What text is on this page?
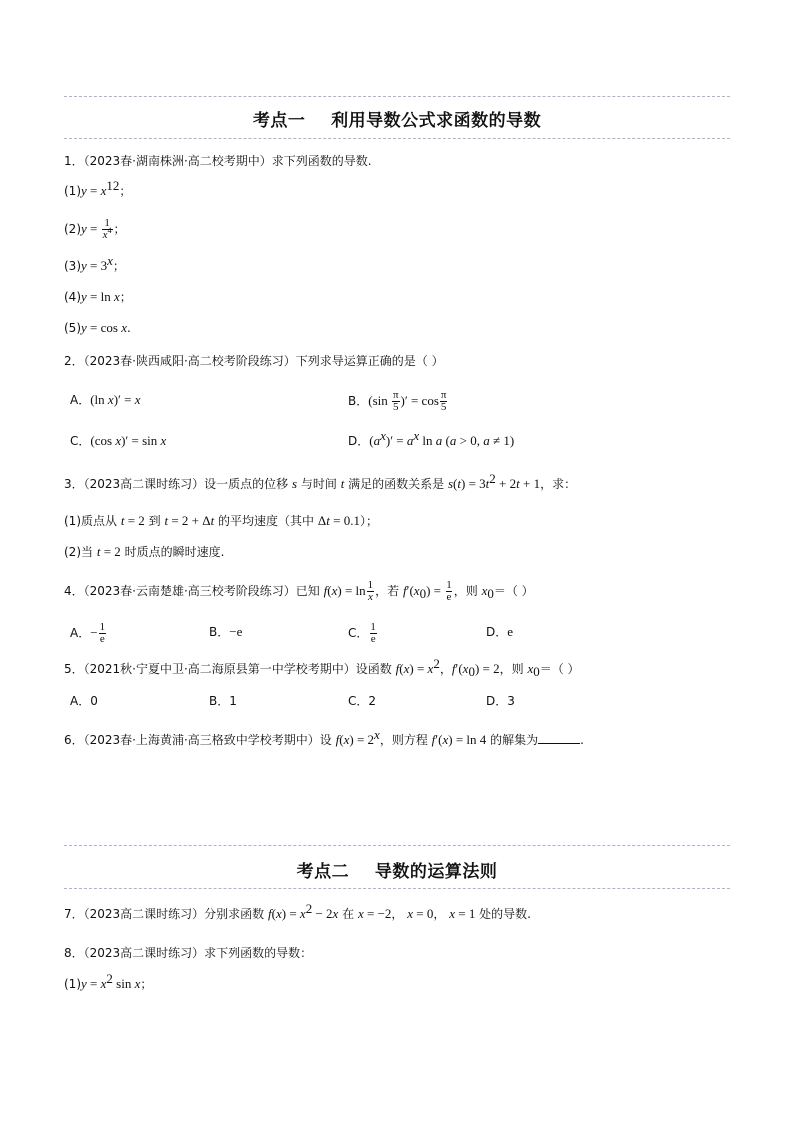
考点一    利用导数公式求函数的导数
1．（2023春·湖南株洲·高二校考期中）求下列函数的导数.
$(1)y = x^{12}$；
$(2)y = \frac{1}{x^4}$ ；
$(3)y = 3^x$；
(4)y = ln x；
(5)y = cos x.
2．（2023春·陕西咸阳·高二校考阶段练习）下列求导运算正确的是（ ）
A．(ln x)′ = x	B．($\sin \frac{\pi}{5}$ )′ = $\cos \frac{\pi}{5}$
C．(cos x)′ = sin x	D．$(a^x)' = a^x$ ln a (a > 0, a ≠ 1)
3．（2023高二课时练习）设一质点的位移 s 与时间 t 满足的函数关系是 $s(t) = 3t^2 + 2t + 1$，求：
(1)质点从 t = 2 到 t = 2 + Δt 的平均速度（其中 Δt = 0.1）；
(2)当 t = 2 时质点的瞬时速度.
4．（2023春·云南楚雄·高三校考阶段练习）已知 $f(x) = \ln \frac{1}{x}$ ，若 $f'(x_0) = \frac{1}{e}$ ，则 $x_0=$（ ）
A．− $\frac{1}{e}$	B．−e	C． $\frac{1}{e}$	D．e
5．（2021秋·宁夏中卫·高二海原县第一中学校考期中）设函数 $f(x) = x^2$，$f'(x_0) = 2$，则 $x_0=$（ ）
A．0	B．1	C．2	D．3
6．（2023春·上海黄浦·高三格致中学校考期中）设 $f(x) = 2^x$，则方程 f′(x) = ln 4 的解集为	.
考点二    导数的运算法则
7．（2023高二课时练习）分别求函数 $f(x) = x^2 - 2x$ 在 x = −2， x = 0， x = 1 处的导数.
8．（2023高二课时练习）求下列函数的导数：
$(1)y = x^2$ sin x；
